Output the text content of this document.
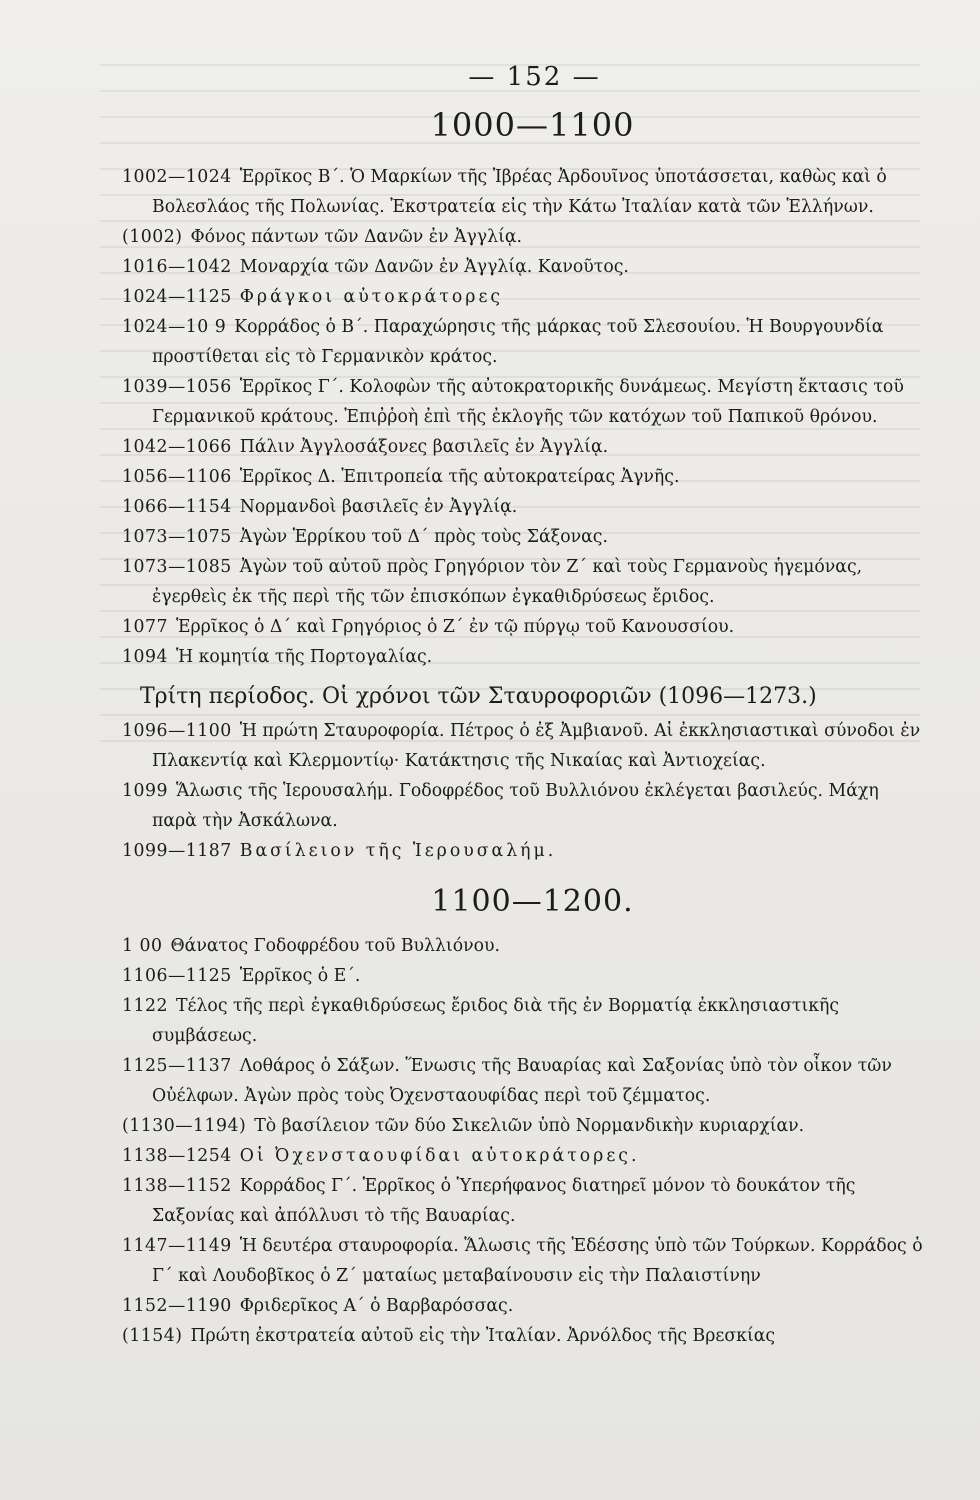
— 152 —
1000—1100

1002—1024 Ἑρρῖκος Β΄. Ὁ Μαρκίων τῆς Ἰβρέας Ἀρδουῖνος ὑποτάσσεται, καθὼς καὶ ὁ Βολεσλάος τῆς Πολωνίας. Ἐκστρατεία εἰς τὴν Κάτω Ἰταλίαν κατὰ τῶν Ἑλλήνων.

(1002) Φόνος πάντων τῶν Δανῶν ἐν Ἀγγλίᾳ.

1016—1042 Μοναρχία τῶν Δανῶν ἐν Ἀγγλίᾳ. Κανοῦτος.

1024—1125 Φράγκοι αὐτοκράτορες

1024—10 9 Κορράδος ὁ Β΄. Παραχώρησις τῆς μάρκας τοῦ Σλεσουίου. Ἡ Βουργουνδία προστίθεται εἰς τὸ Γερμανικὸν κράτος.

1039—1056 Ἑρρῖκος Γ΄. Κολοφὼν τῆς αὐτοκρατορικῆς δυνάμεως. Μεγίστη ἔκτασις τοῦ Γερμανικοῦ κράτους. Ἐπιῤῥοὴ ἐπὶ τῆς ἐκλογῆς τῶν κατόχων τοῦ Παπικοῦ θρόνου.

1042—1066 Πάλιν Ἀγγλοσάξονες βασιλεῖς ἐν Ἀγγλίᾳ.

1056—1106 Ἑρρῖκος Δ. Ἐπιτροπεία τῆς αὐτοκρατείρας Ἀγνῆς.

1066—1154 Νορμανδοὶ βασιλεῖς ἐν Ἀγγλίᾳ.

1073—1075 Ἀγὼν Ἑρρίκου τοῦ Δ΄ πρὸς τοὺς Σάξονας.

1073—1085 Ἀγὼν τοῦ αὐτοῦ πρὸς Γρηγόριον τὸν Ζ΄ καὶ τοὺς Γερμανοὺς ἡγεμόνας, ἐγερθεὶς ἐκ τῆς περὶ τῆς τῶν ἐπισκόπων ἐγκαθιδρύσεως ἔριδος.

1077 Ἑρρῖκος ὁ Δ΄ καὶ Γρηγόριος ὁ Ζ΄ ἐν τῷ πύργῳ τοῦ Κανουσσίου.

1094 Ἡ κομητία τῆς Πορτογαλίας.

Τρίτη περίοδος. Οἱ χρόνοι τῶν Σταυροφοριῶν (1096—1273.)

1096—1100 Ἡ πρώτη Σταυροφορία. Πέτρος ὁ ἐξ Ἀμβιανοῦ. Αἱ ἐκκλησιαστικαὶ σύνοδοι ἐν Πλακεντίᾳ καὶ Κλερμοντίῳ· Κατάκτησις τῆς Νικαίας καὶ Ἀντιοχείας.

1099 Ἅλωσις τῆς Ἱερουσαλήμ. Γοδοφρέδος τοῦ Βυλλιόνου ἐκλέγεται βασιλεύς. Μάχη παρὰ τὴν Ἀσκάλωνα.

1099—1187 Βασίλειον τῆς Ἱερουσαλήμ.

1100—1200.

1 00 Θάνατος Γοδοφρέδου τοῦ Βυλλιόνου.

1106—1125 Ἑρρῖκος ὁ Ε΄.

1122 Τέλος τῆς περὶ ἐγκαθιδρύσεως ἔριδος διὰ τῆς ἐν Βορματίᾳ ἐκκλησιαστικῆς συμβάσεως.

1125—1137 Λοθάρος ὁ Σάξων. Ἕνωσις τῆς Βαυαρίας καὶ Σαξονίας ὑπὸ τὸν οἶκον τῶν Οὐέλφων. Ἀγὼν πρὸς τοὺς Ὀχενσταουφίδας περὶ τοῦ ζέμματος.

(1130—1194) Τὸ βασίλειον τῶν δύο Σικελιῶν ὑπὸ Νορμανδικὴν κυριαρχίαν.

1138—1254 Οἱ Ὀχενσταουφίδαι αὐτοκράτορες.

1138—1152 Κορράδος Γ΄. Ἑρρῖκος ὁ Ὑπερήφανος διατηρεῖ μόνον τὸ δουκάτον τῆς Σαξονίας καὶ ἀπόλλυσι τὸ τῆς Βαυαρίας.

1147—1149 Ἡ δευτέρα σταυροφορία. Ἅλωσις τῆς Ἐδέσσης ὑπὸ τῶν Τούρκων. Κορράδος ὁ Γ΄ καὶ Λουδοβῖκος ὁ Ζ΄ ματαίως μεταβαίνουσιν εἰς τὴν Παλαιστίνην

1152—1190 Φριδερῖκος Α΄ ὁ Βαρβαρόσσας.

(1154) Πρώτη ἐκστρατεία αὐτοῦ εἰς τὴν Ἰταλίαν. Ἀρνόλδος τῆς Βρεσκίας
